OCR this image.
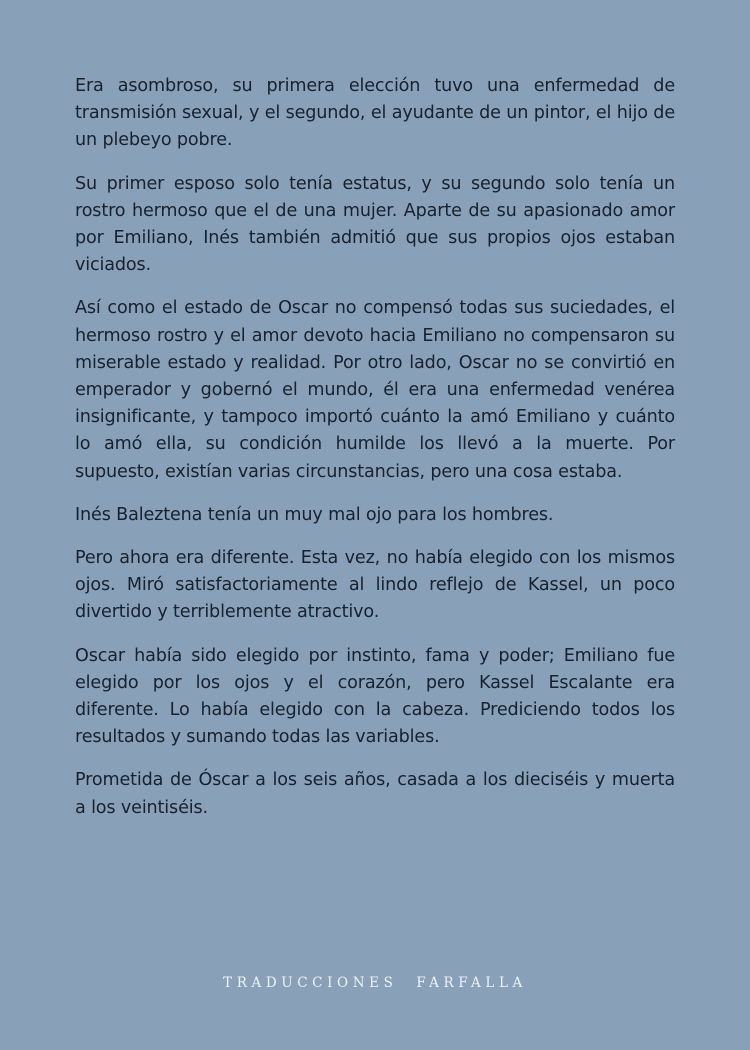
Era asombroso, su primera elección tuvo una enfermedad de transmisión sexual, y el segundo, el ayudante de un pintor, el hijo de un plebeyo pobre.

Su primer esposo solo tenía estatus, y su segundo solo tenía un rostro hermoso que el de una mujer. Aparte de su apasionado amor por Emiliano, Inés también admitió que sus propios ojos estaban viciados.

Así como el estado de Oscar no compensó todas sus suciedades, el hermoso rostro y el amor devoto hacia Emiliano no compensaron su miserable estado y realidad. Por otro lado, Oscar no se convirtió en emperador y gobernó el mundo, él era una enfermedad venérea insignificante, y tampoco importó cuánto la amó Emiliano y cuánto lo amó ella, su condición humilde los llevó a la muerte. Por supuesto, existían varias circunstancias, pero una cosa estaba.

Inés Baleztena tenía un muy mal ojo para los hombres.

Pero ahora era diferente. Esta vez, no había elegido con los mismos ojos. Miró satisfactoriamente al lindo reflejo de Kassel, un poco divertido y terriblemente atractivo.

Oscar había sido elegido por instinto, fama y poder; Emiliano fue elegido por los ojos y el corazón, pero Kassel Escalante era diferente. Lo había elegido con la cabeza. Prediciendo todos los resultados y sumando todas las variables.

Prometida de Óscar a los seis años, casada a los dieciséis y muerta a los veintiséis.

TRADUCCIONES FARFALLA
